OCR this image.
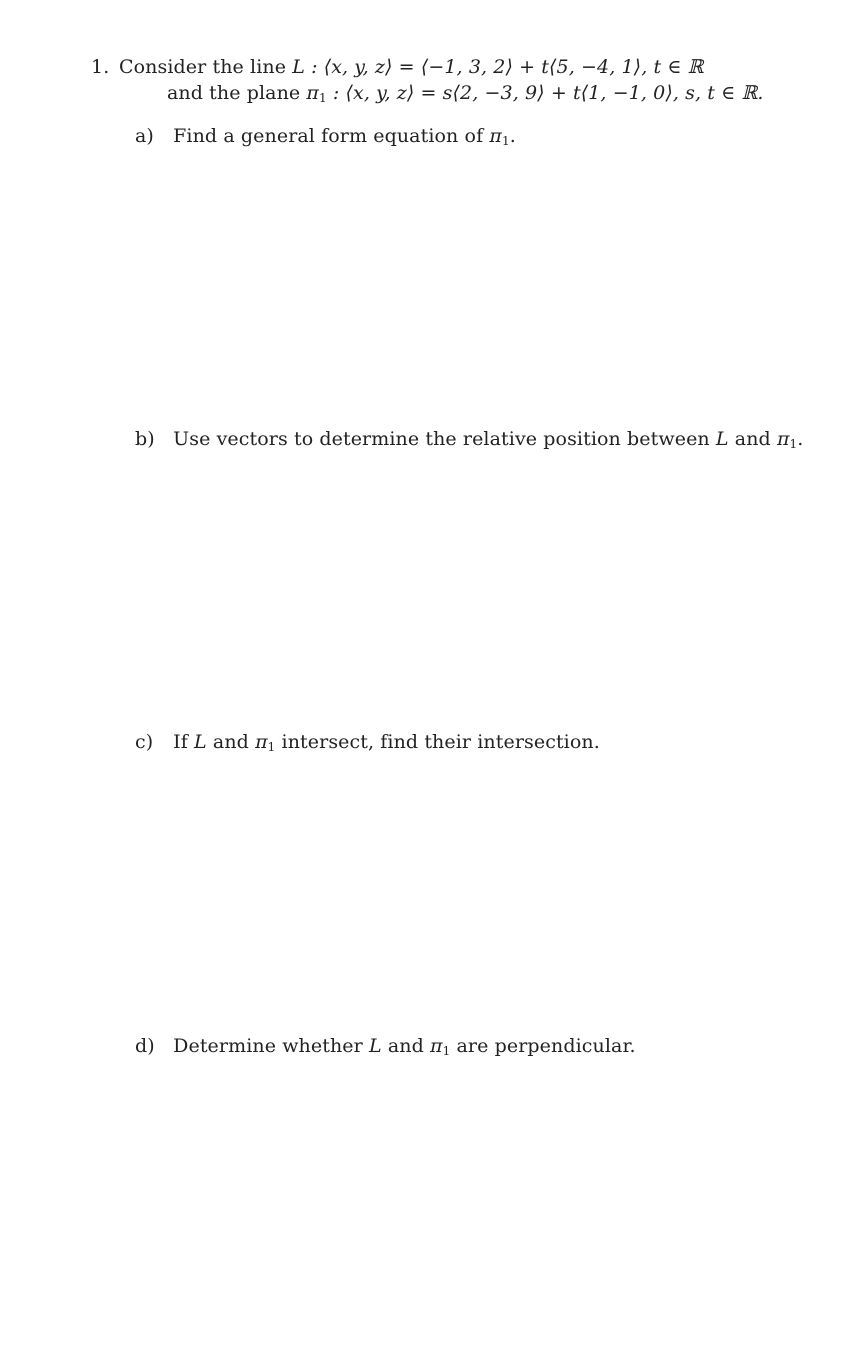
1. Consider the line L : ⟨x, y, z⟩ = ⟨−1, 3, 2⟩ + t⟨5, −4, 1⟩, t ∈ ℝ
and the plane $\pi_1$ : ⟨x, y, z⟩ = s⟨2, −3, 9⟩ + t⟨1, −1, 0⟩, s, t ∈ ℝ.
a) Find a general form equation of $\pi_1$.
b) Use vectors to determine the relative position between L and $\pi_1$.
c) If L and $\pi_1$ intersect, find their intersection.
d) Determine whether L and $\pi_1$ are perpendicular.
